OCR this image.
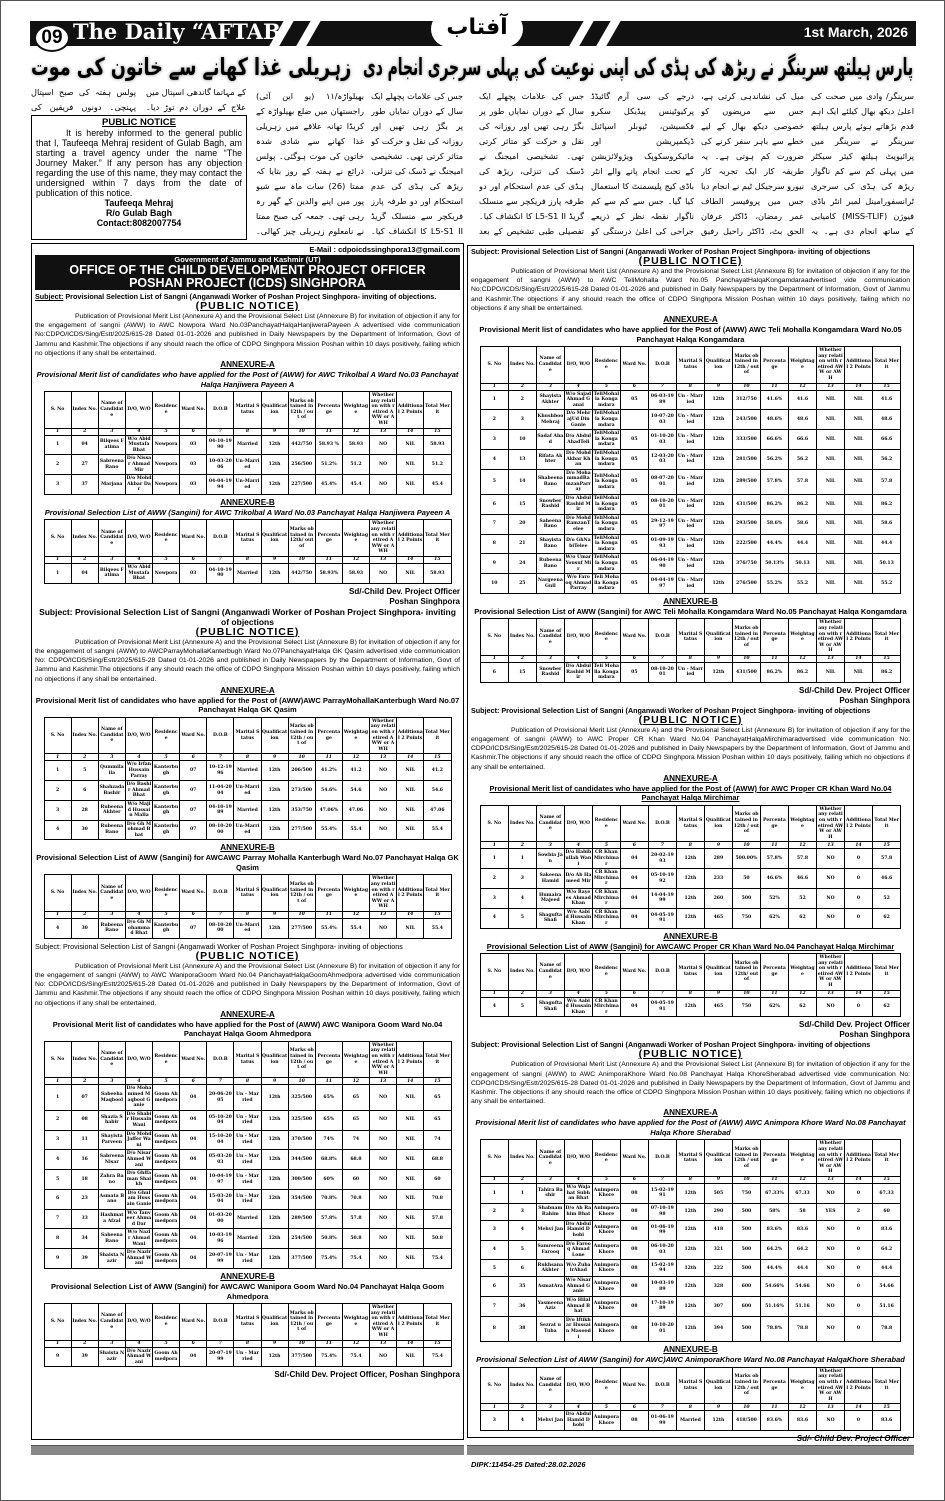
09 The Daily “AFTAB”	آفتاب	1st March, 2026
زہریلی غذا کھانے سے خاتون کی موت پارس ہیلتھ سرینگر نے ریڑھ کی ہڈی کی اپنی نوعیت کی پہلی سرجری انجام دی
جس کی علامات پچھلے ایک سال کے دوران نمایاں طور پر بگڑ رہی تھیں اور روزانہ کی نقل و حرکت کو متاثر کرتی تھی۔ تشخیصی امیجنگ نے ڈسک کی تنزلی، ریڑھ کی ہڈی کی عدم استحکام اور دو طرفہ پارز فریکچر سے منسلک گریڈ L5-S1 II کا انکشاف کیا۔
بھیلواڑہ/۱۱ (یو این آئی) راجستھان میں ضلع بھیلواڑہ کے کریڈا تھانہ علاقے میں زہریلی غذا کھانے سے شادی شدہ خاتون کی موت ہوگئی۔ پولس ذرائع نے ہفتہ کے روز بتایا کہ ممتا (26) سات ماہ سے شیو پور میں اپنے والدین کے گھر رہ رہی تھی۔ جمعہ کی صبح ممتا نے نامعلوم زہریلی چیز کھالی۔
کے مہاتما گاندھی اسپتال میں علاج کے دوران دم توڑ دیا۔
پولس ہفتہ کی صبح اسپتال پہنچی۔ دونوں فریقین کی
سرینگر/ وادی میں صحت کی اعلیٰ دیکھ بھال کیلئے ایک اہم قدم بڑھاتے ہوئے پارس ہیلتھ سرینگر نے سرینگر میں پرائیویٹ ہیلتھ کیئر سیکٹر میں پہلی کم سے کم ناگوار ریڑھ کی ہڈی کی سرجری ٹرانسفورامینل لمبر انٹر باڈی فیوژن (MISS-TLIF) کامیابی کے ساتھ انجام دی ہے۔ یہ
میل کی نشاندہی کرتی ہے، جس سے مریضوں کو خصوصی دیکھ بھال کے لیے خطے سے باہر سفر کرنے کی ضرورت کم ہوتی ہے۔ یہ طریقہ کار ایک تجربہ کار نیورو سرجیکل ٹیم نے انجام دیا جس میں پروفیسر الطاف عمر رمضان، ڈاکٹر عرفان الحق بٹ، ڈاکٹر راحیل رفیق
درجے کی سی آرم گائیڈڈ پرکیوٹینس پیڈیکل سکرو فکسیشن، ٹیوبلر اسپائنل ڈیکمپریشن اور مائیکروسکوپک ویژولائزیشن کے تحت انجام پانے والے انٹر باڈی کیج پلیسمنٹ کا استعمال کیا گیا۔ جس سے کم سے کم ناگوار نقطہ نظر کے ذریعے جراحی کی اعلیٰ درستگی کو
جس کی علامات پچھلے ایک سال کے دوران نمایاں طور پر بگڑ رہی تھیں اور روزانہ کی نقل و حرکت کو متاثر کرتی تھی۔ تشخیصی امیجنگ نے ڈسک کی تنزلی، ریڑھ کی ہڈی کی عدم استحکام اور دو طرفہ پارز فریکچر سے منسلک گریڈ L5-S1 II کا انکشاف کیا۔ تفصیلی طبی تشخیص کے بعد
PUBLIC NOTICE

It is hereby informed to the general public that I, Taufeeqa Mehraj resident of Gulab Bagh, am starting a travel agency under the name “The Journey Maker.” If any person has any objection regarding the use of this name, they may contact the undersigned within 7 days from the date of publication of this notice.

Taufeeqa Mehraj
R/o Gulab Bagh
Contact:8082007754
E-Mail : cdpoicdssinghpora13@gmail.com
Government of Jammu and Kashmir (UT)
OFFICE OF THE CHILD DEVELOPMENT PROJECT OFFICER
POSHAN PROJECT (ICDS) SINGHPORA
Subject: Provisional Selection List of Sangni (Anganwadi Worker of Poshan Project Singhpora- inviting of objections.
(PUBLIC NOTICE)
Publication of Provisional Merit List (Annexure A) and the Provisional Select List (Annexure B) for invitation of objection if any for the engagement of sangni (AWW) to AWC Nowpora Ward No.03PanchayatHalqaHanjiweraPayeen A advertised vide communication No:CDPO/ICDS/Sing/Estt/2025/615-28 Dated 01-01-2026 and published in Daily Newspapers by the Department of Information, Govt of Jammu and Kashmir.The objections if any should reach the office of CDPO Singhpora Mission Poshan within 10 days positively, failing which no objections if any shall be entertained.
ANNEXURE-A
Provisional Merit list of candidates who have applied for the Post of (AWW) for AWC Trikolbal A Ward No.03 Panchayat Halqa Hanjiwera Payeen A
S. No	Index No.	Name of Candidate	D/O, W/O	Residence	Ward No.	D.O.B	Marital Status	Qualification	Marks obtained in 12th / out of	Percentage	Weightage	Whether any relation with retired AWW or AWH	Additional 2 Points	Total Merit
1	2	3	4	5	6	7	8	9	10	11	12	13	14	15
1	04	Bilqees Fatima	W/o Abid Mustafa Bhat	Nowpora	03	04-10-1990	Married	12th	442/750	58.93 %	58.93	NO	NIL	58.93
2	27	Sabreena Bano	D/o Nissar Ahmad Mir	Nowpora	03	10-03-2006	Un-Married	12th	256/500	51.2%	51.2	NO	NIL	51.2
3	37	Marjana	D/o Mohd Akbar Dar	Nowpora	03	04-04-1994	Un-Married	12th	227/500	45.4%	45.4	NO	NIL	45.4
ANNEXURE-B
Provisional Selection List of AWW (Sangini) for AWC Trikolbal A Ward No.03 Panchayat Halqa Hanjiwera Payeen A
S. No	Index No.	Name of Candidate	D/O, W/O	Residence	Ward No.	D.O.B	Marital Status	Qualification	Marks obtained in 12th/ out of	Percentage	Weightage	Whether any relation with retired AWW or AWH	Additional 2 Points	Total Merit
1	2	3	4	5	6	7	8	9	10	11	12	13	14	15
1	04	Bilqees Fatima	W/o Abid Mustafa Bhat	Nowpora	03	04-10-1990	Married	12th	442/750	58.93%	58.93	NO	NIL	58.93
Sd/-Child Dev. Project Officer
Poshan Singhpora
Subject: Provisional Selection List of Sangni (Anganwadi Worker of Poshan Project Singhpora- inviting of objections
(PUBLIC NOTICE)
Publication of Provisional Merit List (Annexure A) and the Provisional Select List (Annexure B) for invitation of objection if any for the engagement of sangni (AWW) to AWCParrayMohallaKanterbugh Ward No.07PanchayatHalqa GK Qasim advertised vide communication No: CDPO/ICDS/Sing/Estt/2025/615-28 Dated 01-01-2026 and published in Daily Newspapers by the Department of Information, Govt of Jammu and Kashmir.The objections if any should reach the office of CDPO Singhpora Mission Poshan within 10 days positively, failing which no objections if any shall be entertained.
ANNEXURE-A
Provisional Merit list of candidates who have applied for the Post of (AWW)AWC ParrayMohallaKanterbugh Ward No.07 Panchayat Halqa GK Qasim
S. No	Index No.	Name of Candidate	D/O, W/O	Residence	Ward No.	D.O.B	Marital Status	Qualification	Marks obtained in 12th / out of	Percentage	Weightage	Whether any relation with retired AWW or AWH	Additional 2 Points	Total Merit
1	2	3	4	5	6	7	8	9	10	11	12	13	14	15
1	5	Qummilaila	W/o Irfan Hussain Parray	Kanterbugh	07	10-12-1996	Married	12th	206/500	41.2%	41.2	NO	NIL	41.2
2	6	Shahzada Bashir	D/o Bashir Ahmad Bhat	Kanterbugh	07	11-04-2004	Un-Married	12th	273/500	54.6%	54.6	NO	NIL	54.6
3	28	Rubeena Akhter	W/o Majid Hussain Malla	Kanterbugh	07	04-10-1989	Married	12th	353/750	47.06%	47.06	NO	NIL	47.06
4	30	Rubeena Bano	D/o Gh Mohmad Bhat	Kanterbugh	07	08-10-2000	Un-Married	12th	277/500	55.4%	55.4	NO	NIL	55.4
ANNEXURE-B
Provisional Selection List of AWW (Sangini) for AWCAWC Parray Mohalla Kanterbugh Ward No.07 Panchayat Halqa GK Qasim
S. No	Index No.	Name of Candidate	D/O, W/O	Residence	Ward No.	D.O.B	Marital Status	Qualification	Marks obtained in 12th / out of	Percentage	Weightage	Whether any relation with retired AWW or AWH	Additional 2 Points	Total Merit
1	2	3	4	5	6	7	8	9	10	11	12	13	14	15
4	30	Rubeena Bano	D/o Gh Mohammad Bhat	Kanterbugh	07	08-10-2000	Un-Married	12th	277/500	55.4%	55.4	NO	NIL	55.4
Subject: Provisional Selection List of Sangni (Anganwadi Worker of Poshan Project Singhpora- inviting of objections
(PUBLIC NOTICE)
Publication of Provisional Merit List (Annexure A) and the Provisional Select List (Annexure B) for invitation of objection if any for the engagement of sangni (AWW) to AWC WaniporaGoom Ward No.04 PanchayatHalqaGoomAhmedpora advertised vide communication No: CDPO/ICDS/Sing/Estt/2025/615-28 Dated 01-01-2026 and published in Daily Newspapers by the Department of Information, Govt of Jammu and Kashmir.The objections if any should reach the office of CDPO Singhpora Mission Poshan within 10 days positively, failing which no objections if any shall be entertained.
ANNEXURE-A
Provisional Merit list of candidates who have applied for the Post of (AWW) AWC Wanipora Goom Ward No.04 Panchayat Halqa Goom Ahmedpora
S. No	Index No.	Name of Candidate	D/O, W/O	Residence	Ward No.	D.O.B	Marital Status	Qualification	Marks obtained in 12th / out of	Percentage	Weightage	Whether any relation with retired AWW or AWH	Additional 2 Points	Total Merit
1	2	3	4	5	6	7	8	9	10	11	12	13	14	15
1	07	Sabeeha Maqbool	D/o Mohammed Maqbool Ganie	Goom Ahmedpora	04	20-06-2005	Un - Married	12th	325/500	65%	65	NO	NIL	65
2	08	Shazia Shabir	D/o Shabir Hussain Wani	Goom Ahmedpora	04	05-10-2004	Un - Married	12th	325/500	65%	65	NO	NIL	65
3	11	Shayista Parveen	D/o Mohd Jaffer Wani	Goom Ahmedpora	04	15-10-2004	Un - Married	12th	370/500	74%	74	NO	NIL	74
4	16	Sabreena Nisar	D/o Nisar Ahmed Wani	Goom Ahmedpora	04	05-03-2003	Un - Married	12th	344/500	68.8%	68.8	NO	NIL	68.8
5	18	Zahra Bano	D/o Ghffaman Shaikh	Goom Ahmedpora	04	10-04-1997	Un - Married	12th	300/500	60%	60	NO	NIL	60
6	23	Asmata Bano	D/o Ghulam Hussain Ganie	Goom Ahmedpora	04	15-03-2004	Un - Married	12th	354/500	70.8%	70.8	NO	NIL	70.8
7	33	Hashmata Afzal	W/o Tanveer Ahmad Dar	Goom Ahmedpora	04	01-03-2000	Married	12th	289/500	57.8%	57.8	NO	NIL	57.8
8	34	Saheena Bano	W/o Nazir Ahmad Wani	Goom Ahmedpora	04	10-03-1996	Married	12th	254/500	50.8%	50.8	NO	NIL	50.8
9	39	Shaista Nazir	D/o Nazir Ahmad Wani	Goom Ahmedpora	04	20-07-1999	Un - Married	12th	377/500	75.4%	75.4	NO	NIL	75.4
ANNEXURE-B
Provisional Selection List of AWW (Sangini) for AWCAWC Wanipora Goom Ward No.04 Panchayat Halqa Goom Ahmedpora
S. No	Index No.	Name of Candidate	D/O, W/O	Residence	Ward No.	D.O.B	Marital Status	Qualification	Marks obtained in 12th / out of	Percentage	Weightage	Whether any relation with retired AWW or AWH	Additional 2 Points	Total Merit
1	2	3	4	5	6	7	8	9	10	11	12	13	14	15
9	39	Shaista Nazir	D/o Nazir Ahmad Wani	Goom Ahmedpora	04	20-07-1999	Un - Married	12th	377/500	75.4%	75.4	NO	NIL	75.4
Sd/-Child Dev. Project Officer, Poshan Singhpora
Subject: Provisional Selection List of Sangni (Anganwadi Worker of Poshan Project Singhpora- inviting of objections
(PUBLIC NOTICE)
Publication of Provisional Merit List (Annexure A) and the Provisional Select List (Annexure B) for invitation of objection if any for the engagement of sangni (AWW) to AWC TeliMohalla Ward No.05 PanchayatHalqaKongamdaraadvertised vide communication No:CDPO/ICDS/Sing/Estt/2025/615-28 Dated 01-01-2026 and published in Daily Newspapers by the Department of Information, Govt of Jammu and Kashmir.The objections if any should reach the office of CDPO Singhpora Mission Poshan within 10 days positively, failing which no objections if any shall be entertained.
ANNEXURE-A
Provisional Merit list of candidates who have applied for the Post of (AWW) AWC Teli Mohalla Kongamdara Ward No.05 Panchayat Halqa Kongamdara
S. No	Index No.	Name of Candidate	D/O, W/O	Residence	Ward No.	D.O.B	Marital Status	Qualification	Marks obtained in 12th / out of	Percentage	Weightage	Whether any relation with retired AWW or AWH	Additional 2 Points	Total Merit
1	2	3	4	5	6	7	8	9	10	11	12	13	14	15
1	2	Shayista Akhter	W/o Sajad Ahmad Ganai	TeliMohalla Kongamdara	05	06-03-1989	Un - Married	12th	312/750	41.6%	41.6	NIL	NIL	41.6
2	3	Khushboo Mehraj	D/o MehrajUd Din Ganie	TeliMohalla Kongamdara		10-07-2003	Un - Married	12th	243/500	48.6%	48.6	NIL	NIL	48.6
3	10	Sadaf Ahad	D/o Abdul AhadTeli	TeliMohalla Kongamdara	05	01-10-2003	Un - Married	12th	333/500	66.6%	66.6	NIL	NIL	66.6
4	13	Rifata Akhter	D/o Mohd Akbar Khan	TeliMohalla Kongamdara	05	12-03-2003	Un - Married	12th	281/500	56.2%	56.2	NIL	NIL	56.2
5	14	Shabeena Bano	D/o MohammadRamzanParray	TeliMohalla Kongamdara	05	08-07-2001	Un - Married	12th	289/500	57.8%	57.8	NIL	NIL	57.8
6	15	Snowber Rashid	D/o Abdul Rashid Mir	TeliMohalla Kongamdara	05	08-10-2001	Un - Married	12th	431/500	86.2%	86.2	NIL	NIL	86.2
7	20	Saheena Bano	D/o MohdRamzanTelee	TeliMohalla Kongamdara	05	29-12-1997	Un - Married	12th	293/500	58.6%	58.6	NIL	NIL	58.6
8	21	Shayista Bano	D/o GhNabiTelee	TeliMohalla Kongamdara	05	01-09-1993	Un - Married	12th	222/500	44.4%	44.4	NIL	NIL	44.4
9	24	Rubeena Bano	W/o Umar Yousuf Mir	TeliMohalla Kongamdara	05	06-04-1990	Un - Married	12th	376/750	50.13%	50.13	NIL	NIL	50.13
10	25	Nargeena Gull	W/o Farooq Ahmad Parray	Teli Mohalla Kongamdara	05	04-04-1997	Un - Married	12th	276/500	55.2%	55.2	NIL	NIL	55.2
ANNEXURE-B
Provisional Selection List of AWW (Sangini) for AWC Teli Mohalla Kongamdara Ward No.05 Panchayat Halqa Kongamdara
S. No	Index No.	Name of Candidate	D/O, W/O	Residence	Ward No.	D.O.B	Marital Status	Qualification	Marks obtained in 12th / out of	Percentage	Weightage	Whether any relation with retired AWW or AWH	Additional 2 Points	Total Merit
1	2	3	4	5	6	7	8	9	10	11	12	13	14	15
6	15	Snowber Rashid	D/o Abdul Rashid Mir	Teli Mohalla Kongamdara	05	08-10-2001	Un - Married	12th	431/500	86.2%	86.2	NIL	NIL	86.2
Sd/-Child Dev. Project Officer
Poshan Singhpora
Subject: Provisional Selection List of Sangni (Anganwadi Worker of Poshan Project Singhpora- inviting of objections
(PUBLIC NOTICE)
Publication of Provisional Merit List (Annexure A) and the Provisional Select List (Annexure B) for invitation of objection if any for the engagement of sangni (AWW) to AWC Proper CR Khan Ward No.04 PanchayatHalqaMirchimaradvertised vide communication No: CDPO/ICDS/Sing/Estt/2025/615-28 Dated 01-01-2026 and published in Daily Newspapers by the Department of Information, Govt of Jammu and Kashmir.The objections if any should reach the office of CDPO Singhpora Mission Poshan within 10 days positively, failing which no objections if any shall be entertained.
ANNEXURE-A
Provisional Merit list of candidates who have applied for the Post of (AWW) for AWC Proper CR Khan Ward No.04 Panchayat Halqa Mirchimar
S. No	Index No.	Name of Candidate	D/O, W/O	Residence	Ward No.	D.O.B	Marital Status	Qualification	Marks obtained in 12th / out of	Percentage	Weightage	Whether any relation with retired AWW or AWH	Additional 2 Points	Total Merit
1	2	3	4	5	6	7	8	9	10	11	12	13	14	15
1	1	Sowbia Jan	D/o Habibullah Wani	CR Khan Mirchimar	04	20-02-1993	12th	289	500.00%	57.8%	57.8	NO	0	57.8
2	3	Sakeena Hamid	D/o Ab Hameed Mir	CR Khan Mirchimar	04	05-10-1992	12th	233	50	46.6%	46.6	NO	0	46.6
3	4	Humaira Majeed	W/o Rayees Ahmad Khan	CR Khan Mirchimar	04	14-04-1999	12th	260	500	52%	52	NO	0	52
4	5	Shagufta Shafi	W/o Aabid Hussain Khan	CR Khan Mirchimar	04	04-05-1991	12th	465	750	62%	62	NO	0	62
ANNEXURE-B
Provisional Selection List of AWW (Sangini) for AWCAWC Proper CR Khan Ward No.04 Panchayat Halqa Mirchimar
S. No	Index No.	Name of Candidate	D/O, W/O	Residence	Ward No.	D.O.B	Marital Status	Qualification	Marks obtained in 12th/ out of	Percentage	Weightage	Whether any relation with retired AWW or AWH	Additional 2 Points	Total Merit
1	2	3	4	5	6	7	8	9	10	11	12	13	14	15
4	5	Shagufta Shafi	W/o Aabid Hussain Khan	CR Khan Mirchimar	04	04-05-1991	12th	465	750	62%	62	NO	0	62
Sd/-Child Dev. Project Officer
Poshan Singhpora
Subject: Provisional Selection List of Sangni (Anganwadi Worker of Poshan Project Singhpora- inviting of objections
(PUBLIC NOTICE)
Publication of Provisional Merit List (Annexure A) and the Provisional Select List (Annexure B) for invitation of objection if any for the engagement of sangni (AWW) to AWC AnimporaKhore Ward No.08 Panchayat Halqa KhoreSherabad advertised vide communication No: CDPO/ICDS/Sing/Estt/2025/615-28 Dated 01-01-2026 and published in Daily Newspapers by the Department of Information, Govt of Jammu and Kashmir. The objections if any should reach the office of CDPO Singhpora Mission Poshan within 10 days positively, failing which no objections if any shall be entertained.
ANNEXURE-A
Provisional Merit list of candidates who have applied for the Post of (AWW) AWC Animpora Khore Ward No.08 Panchayat Halqa Khore Sherabad
S. No	Index No.	Name of Candidate	D/O, W/O	Residence	Ward No.	D.O.B	Marital Status	Qualification	Marks obtained in 12th / out of	Percentage	Weightage	Whether any relation with retired AWW or AWH	Additional 2 Points	Total Merit
1	2	3	4	5	6	7	8	9	10	11	12	13	14	15
1	1	Tahira Bashir	W/o Wajahat Subhan Bhat	Animpora Khore	08	15-02-1991	12th	505	750	67.33%	67.33	NO	0	67.33
2	3	Shabnam Rahim	D/o Ab Rahim Bhat	Animpora Khore	08	07-10-1998	12th	290	500	58%	58	YES	2	60
3	4	Mehvi Jan	D/o Abdul Hamid Dhobi	AnimporaKhore	08	01-06-1999	12th	418	500	83.6%	83.6	NO	0	83.6
4	5	Samreena Farooq	D/o Farooq Ahmad Lone	Animpora Khore	08	06-10-2003	12th	321	500	64.2%	64.2	NO	0	64.2
5	6	Rukhsana Akhter	W/o ZubairAhad	Animpora Khore	08	15-02-1994	12th	222	500	44.4%	44.4	NO	0	44.4
6	35	AsmatAra	W/o Nisar Ahmad Ganie	Animpora Khore	08	10-03-1989	12th	328	600	54.66%	54.66	NO	0	54.66
7	36	Yasmeena Aziz	W/o Hilal Ahmad Bhat	Animpora Khore	08	17-10-1989	12th	307	600	51.16%	51.16	NO	0	51.16
8	38	Sezrat u Tuba	D/o Iftikhar Hussain Masoodi	Animpora Khore	08	10-10-2001	12th	394	500	78.8%	78.8	NO	0	78.8
ANNEXURE-B
Provisional Selection List of AWW (Sangini) for AWC)AWC AnimporaKhore Ward No.08 Panchayat HalqaKhore Sherabad
S. No	Index No.	Name of Candidate	D/O, W/O	Residence	Ward No.	D.O.B	Marital Status	Qualification	Marks obtained in 12th / out of	Percentage	Weightage	Whether any relation with retired AWW or AWH	Additional 2 Points	Total Merit
1	2	3	4	5	6	7	8	9	10	11	12	13	14	15
3	4	Mehvi Jan	D/o Abdul Hamid Dhobi	AnimporaKhore	08	01-06-1999	Married	12th	418/500	83.6%	83.6	NO	0	83.6
Sd/- Child Dev. Project Officer
DIPK:11454-25 Dated:28.02.2026
